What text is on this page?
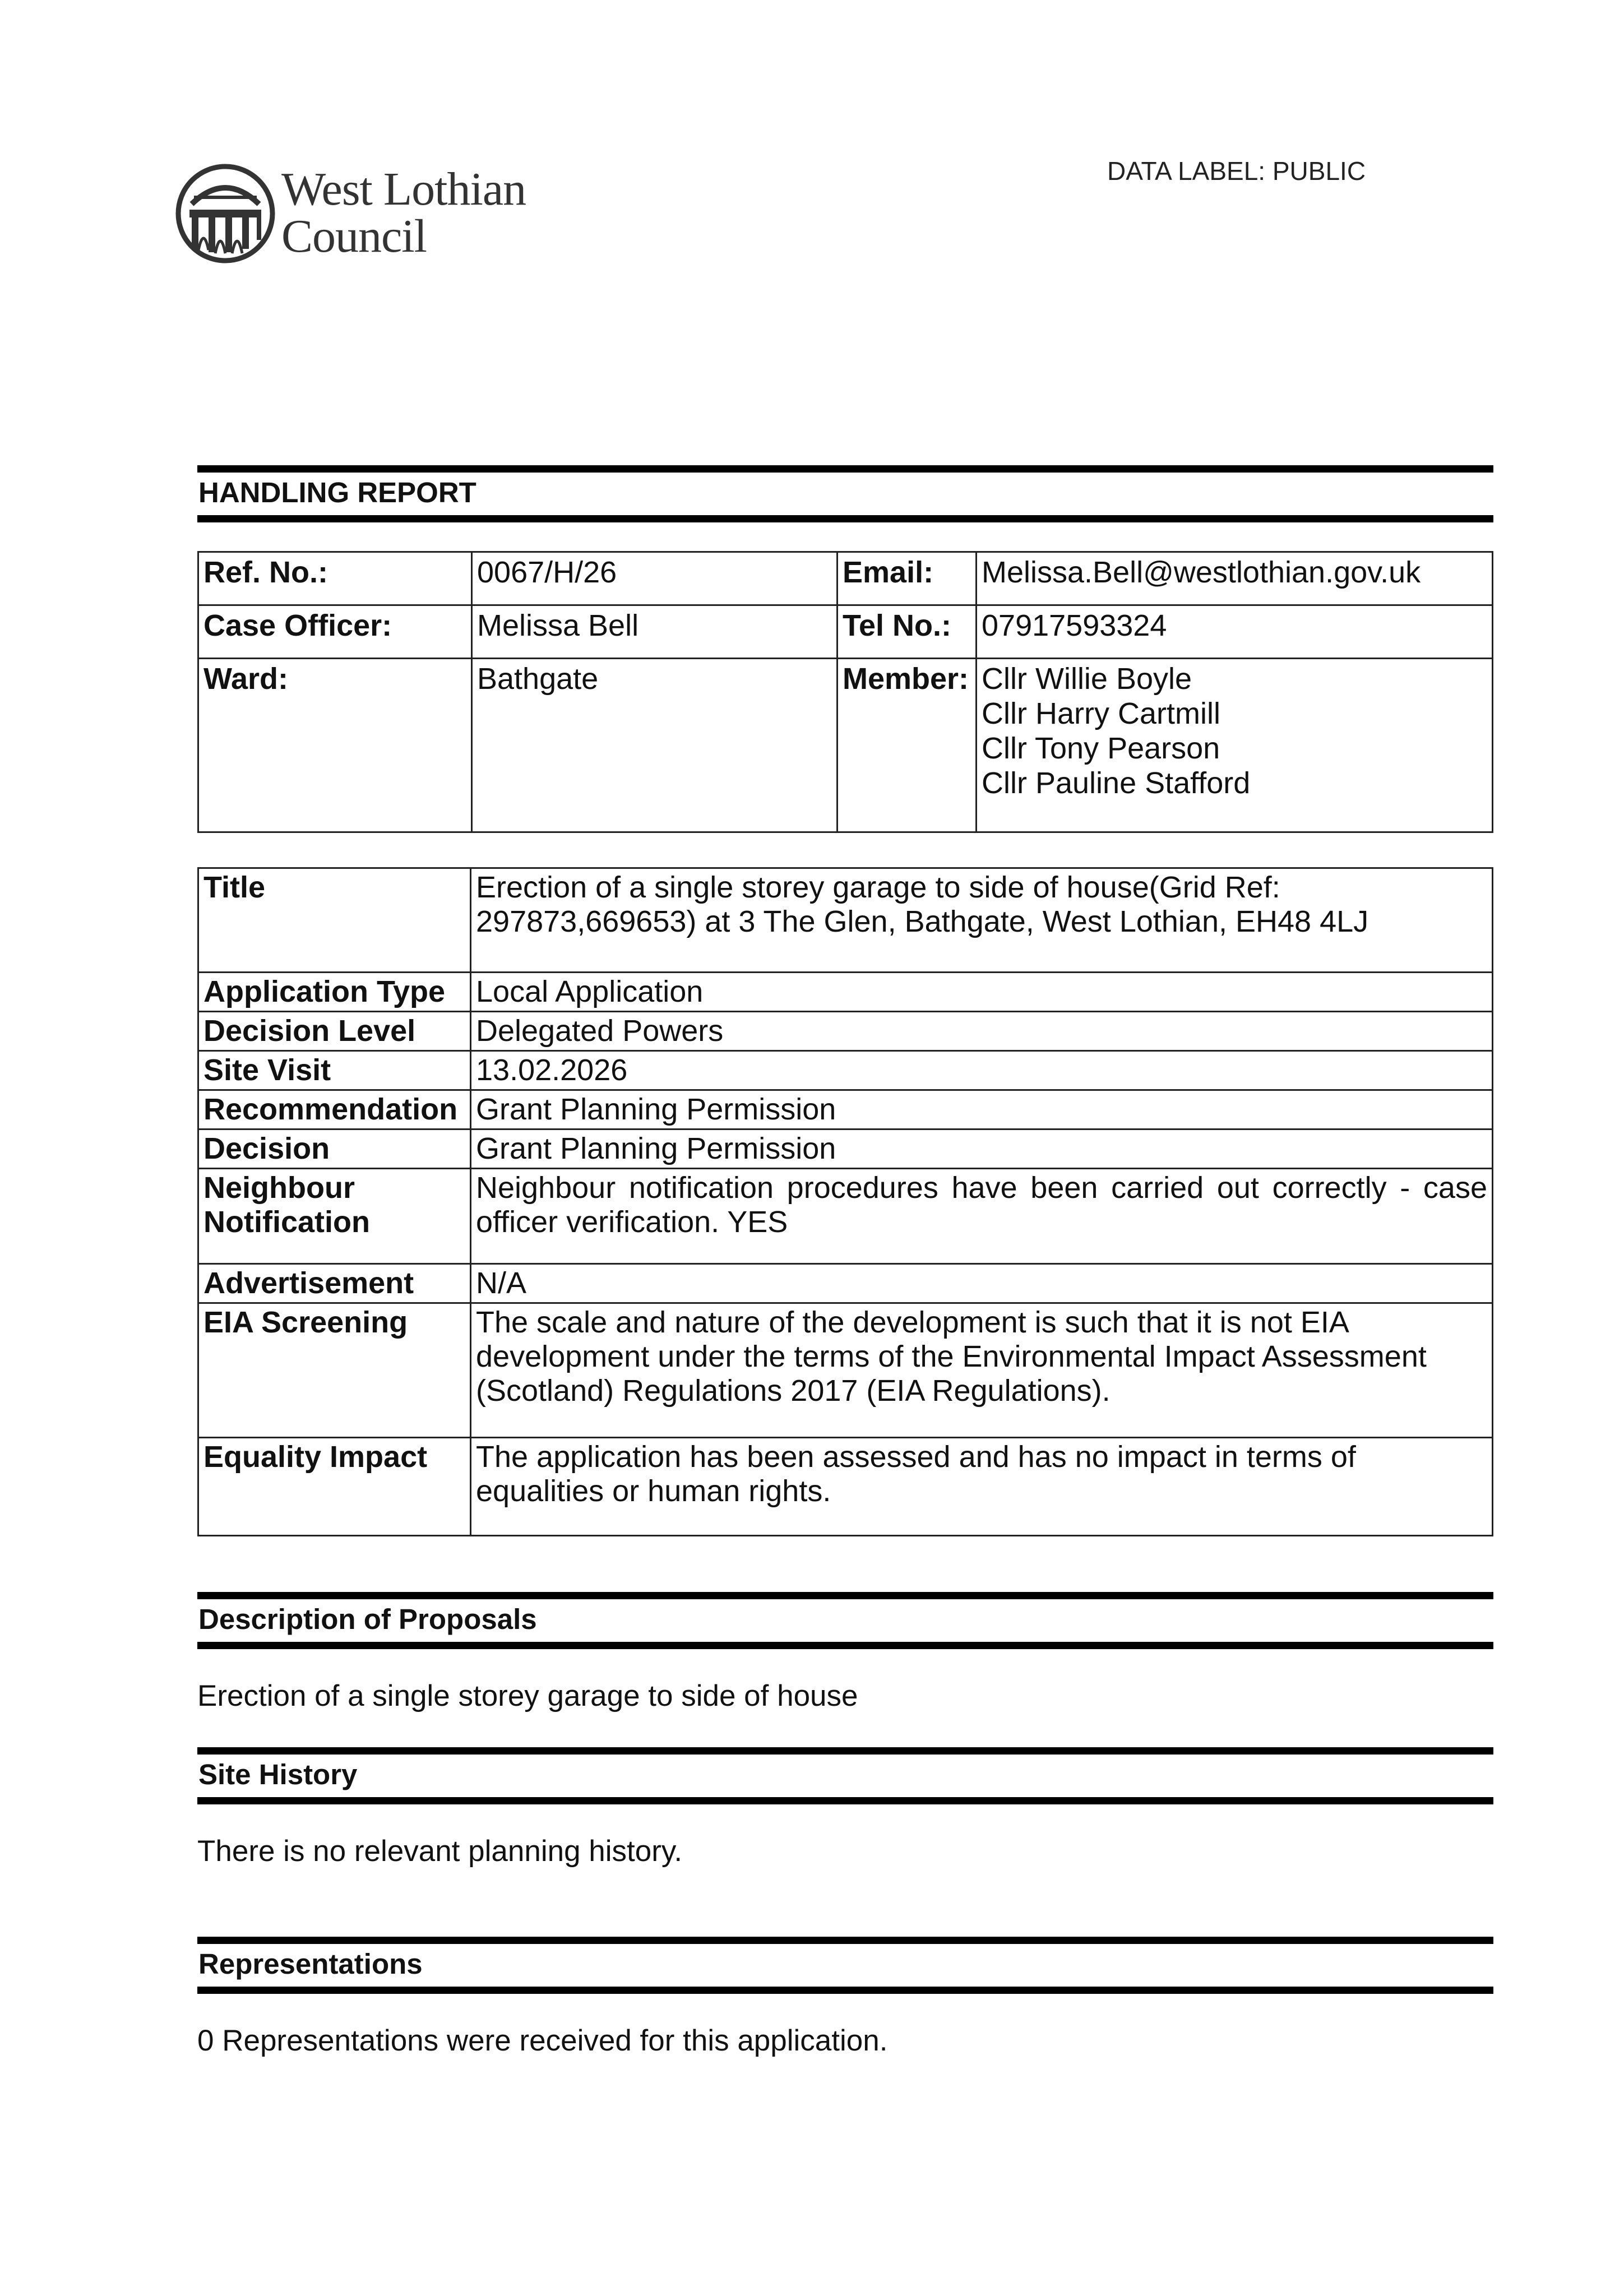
West Lothian
Council
DATA LABEL: PUBLIC
HANDLING REPORT
Ref. No.:	0067/H/26	Email:	Melissa.Bell@westlothian.gov.uk
Case Officer:	Melissa Bell	Tel No.:	07917593324
Ward:	Bathgate	Member:	Cllr Willie Boyle
Cllr Harry Cartmill
Cllr Tony Pearson
Cllr Pauline Stafford
Title	Erection of a single storey garage to side of house(Grid Ref: 297873,669653) at 3 The Glen, Bathgate, West Lothian, EH48 4LJ
Application Type	Local Application
Decision Level	Delegated Powers
Site Visit	13.02.2026
Recommendation	Grant Planning Permission
Decision	Grant Planning Permission
Neighbour Notification	Neighbour notification procedures have been carried out correctly - case officer verification. YES
Advertisement	N/A
EIA Screening	The scale and nature of the development is such that it is not EIA development under the terms of the Environmental Impact Assessment (Scotland) Regulations 2017 (EIA Regulations).
Equality Impact	The application has been assessed and has no impact in terms of equalities or human rights.
Description of Proposals
Erection of a single storey garage to side of house
Site History
There is no relevant planning history.
Representations
0 Representations were received for this application.
